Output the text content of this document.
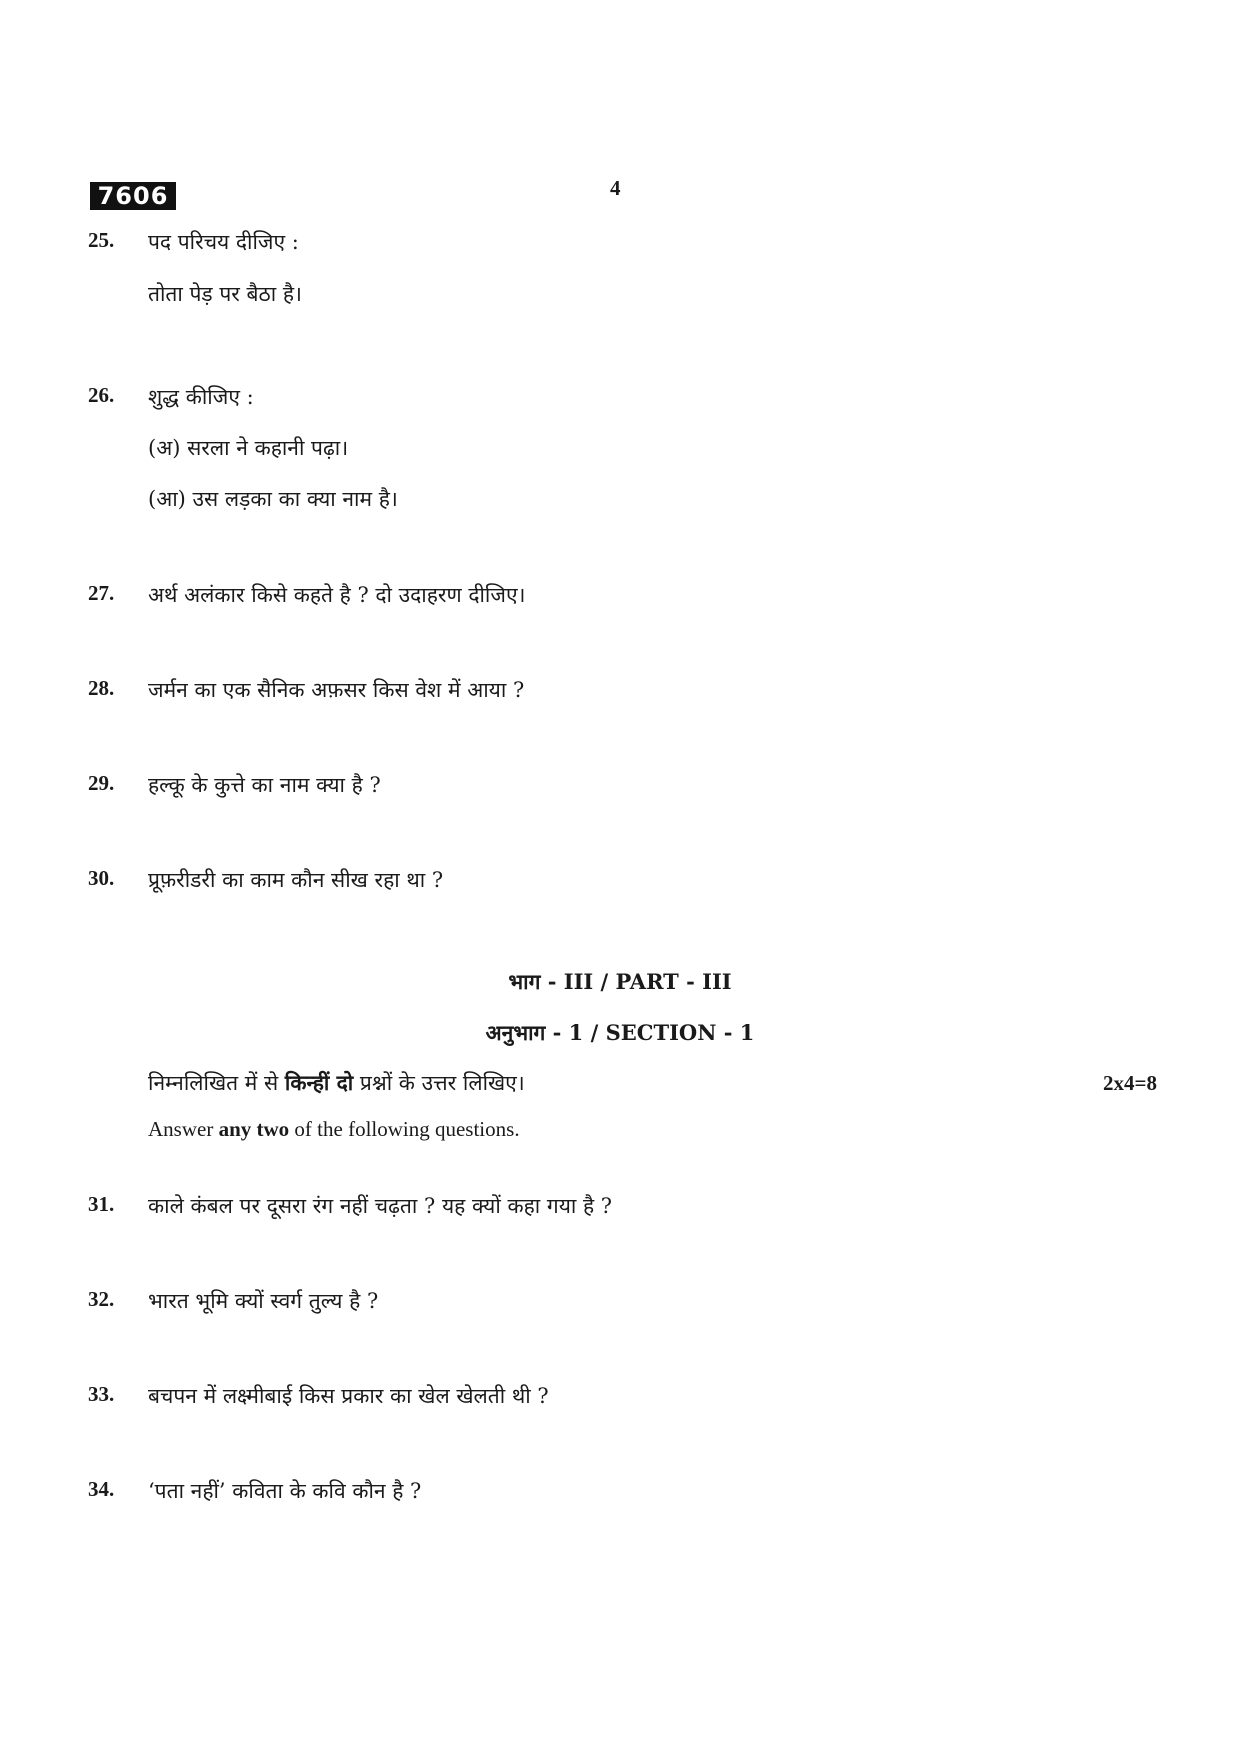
7606	4
25. पद परिचय दीजिए :
तोता पेड़ पर बैठा है।
26. शुद्ध कीजिए :
(अ) सरला ने कहानी पढ़ा।
(आ) उस लड़का का क्या नाम है।
27. अर्थ अलंकार किसे कहते है ? दो उदाहरण दीजिए।
28. जर्मन का एक सैनिक अफ़सर किस वेश में आया ?
29. हल्कू के कुत्ते का नाम क्या है ?
30. प्रूफ़रीडरी का काम कौन सीख रहा था ?
भाग - III / PART - III
अनुभाग - 1 / SECTION - 1
निम्नलिखित में से किन्हीं दो प्रश्नों के उत्तर लिखिए।	2x4=8
Answer any two of the following questions.
31. काले कंबल पर दूसरा रंग नहीं चढ़ता ? यह क्यों कहा गया है ?
32. भारत भूमि क्यों स्वर्ग तुल्य है ?
33. बचपन में लक्ष्मीबाई किस प्रकार का खेल खेलती थी ?
34. ‘पता नहीं’ कविता के कवि कौन है ?
